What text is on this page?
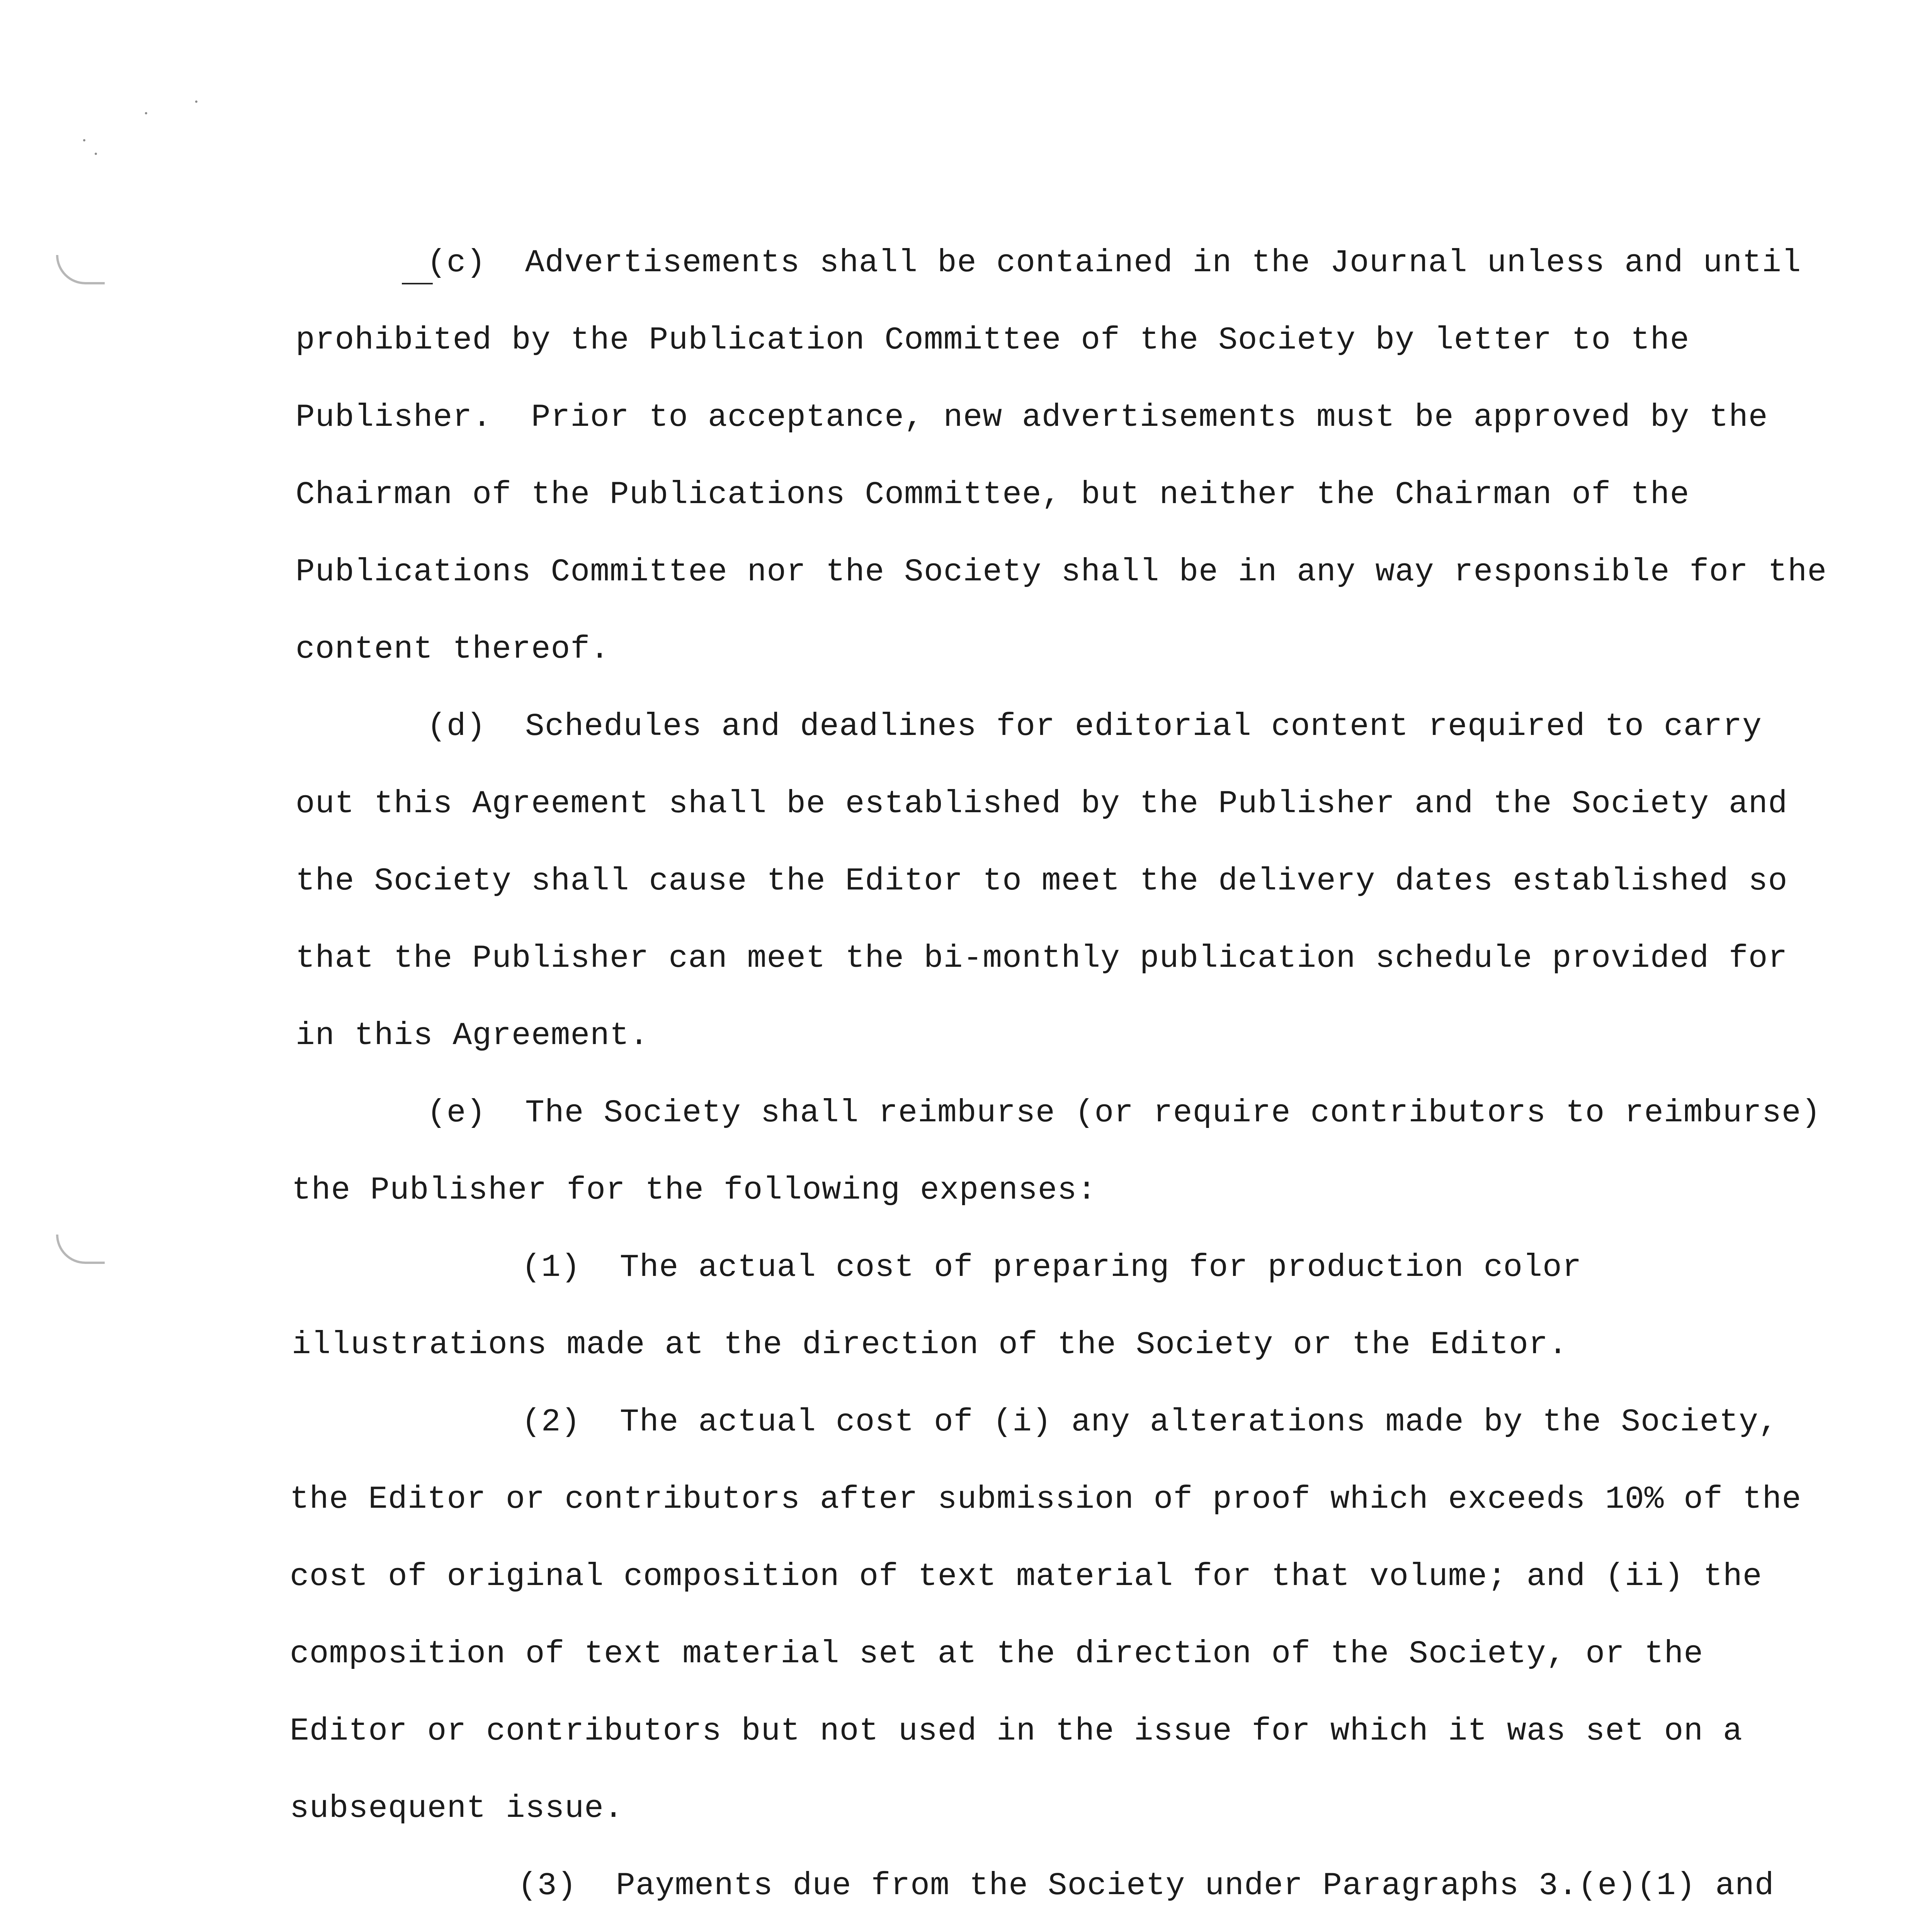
(c)  Advertisements shall be contained in the Journal unless and until
prohibited by the Publication Committee of the Society by letter to the
Publisher.  Prior to acceptance, new advertisements must be approved by the
Chairman of the Publications Committee, but neither the Chairman of the
Publications Committee nor the Society shall be in any way responsible for the
content thereof.
(d)  Schedules and deadlines for editorial content required to carry
out this Agreement shall be established by the Publisher and the Society and
the Society shall cause the Editor to meet the delivery dates established so
that the Publisher can meet the bi-monthly publication schedule provided for
in this Agreement.
(e)  The Society shall reimburse (or require contributors to reimburse)
the Publisher for the following expenses:
(1)  The actual cost of preparing for production color
illustrations made at the direction of the Society or the Editor.
(2)  The actual cost of (i) any alterations made by the Society,
the Editor or contributors after submission of proof which exceeds 10% of the
cost of original composition of text material for that volume; and (ii) the
composition of text material set at the direction of the Society, or the
Editor or contributors but not used in the issue for which it was set on a
subsequent issue.
(3)  Payments due from the Society under Paragraphs 3.(e)(1) and
